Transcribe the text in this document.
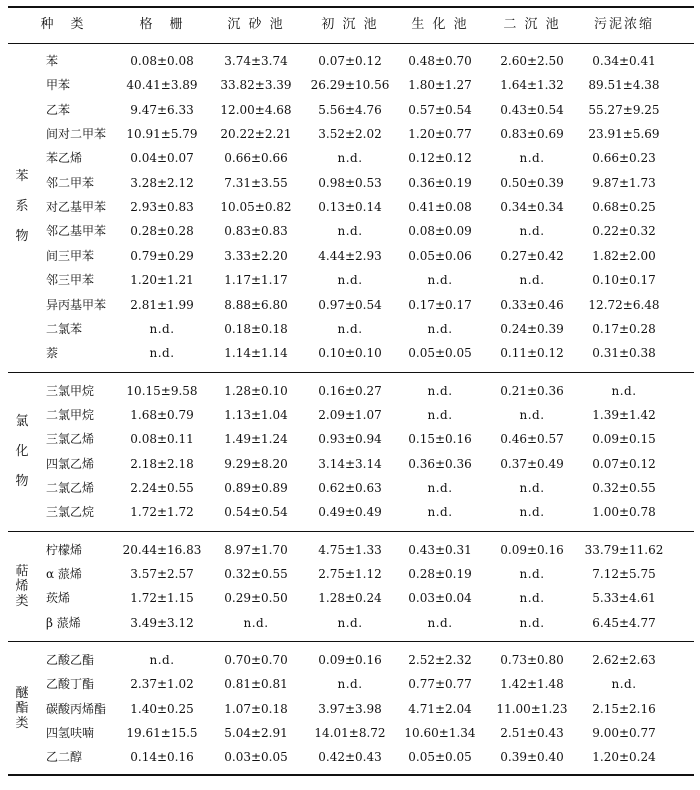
种　类	格　栅	沉 砂 池	初 沉 池	生 化 池	二 沉 池	污泥浓缩
苯	0.08±0.08	3.74±3.74	0.07±0.12	0.48±0.70	2.60±2.50	0.34±0.41
甲苯	40.41±3.89	33.82±3.39	26.29±10.56	1.80±1.27	1.64±1.32	89.51±4.38
乙苯	9.47±6.33	12.00±4.68	5.56±4.76	0.57±0.54	0.43±0.54	55.27±9.25
间对二甲苯	10.91±5.79	20.22±2.21	3.52±2.02	1.20±0.77	0.83±0.69	23.91±5.69
苯乙烯	0.04±0.07	0.66±0.66	n.d.	0.12±0.12	n.d.	0.66±0.23
邻二甲苯	3.28±2.12	7.31±3.55	0.98±0.53	0.36±0.19	0.50±0.39	9.87±1.73
对乙基甲苯	2.93±0.83	10.05±0.82	0.13±0.14	0.41±0.08	0.34±0.34	0.68±0.25
邻乙基甲苯	0.28±0.28	0.83±0.83	n.d.	0.08±0.09	n.d.	0.22±0.32
间三甲苯	0.79±0.29	3.33±2.20	4.44±2.93	0.05±0.06	0.27±0.42	1.82±2.00
邻三甲苯	1.20±1.21	1.17±1.17	n.d.	n.d.	n.d.	0.10±0.17
异丙基甲苯	2.81±1.99	8.88±6.80	0.97±0.54	0.17±0.17	0.33±0.46	12.72±6.48
二氯苯	n.d.	0.18±0.18	n.d.	n.d.	0.24±0.39	0.17±0.28
萘	n.d.	1.14±1.14	0.10±0.10	0.05±0.05	0.11±0.12	0.31±0.38
苯
系
物
三氯甲烷	10.15±9.58	1.28±0.10	0.16±0.27	n.d.	0.21±0.36	n.d.
二氯甲烷	1.68±0.79	1.13±1.04	2.09±1.07	n.d.	n.d.	1.39±1.42
三氯乙烯	0.08±0.11	1.49±1.24	0.93±0.94	0.15±0.16	0.46±0.57	0.09±0.15
四氯乙烯	2.18±2.18	9.29±8.20	3.14±3.14	0.36±0.36	0.37±0.49	0.07±0.12
二氯乙烯	2.24±0.55	0.89±0.89	0.62±0.63	n.d.	n.d.	0.32±0.55
三氯乙烷	1.72±1.72	0.54±0.54	0.49±0.49	n.d.	n.d.	1.00±0.78
氯
化
物
柠檬烯	20.44±16.83	8.97±1.70	4.75±1.33	0.43±0.31	0.09±0.16	33.79±11.62
α 蒎烯	3.57±2.57	0.32±0.55	2.75±1.12	0.28±0.19	n.d.	7.12±5.75
莰烯	1.72±1.15	0.29±0.50	1.28±0.24	0.03±0.04	n.d.	5.33±4.61
β 蒎烯	3.49±3.12	n.d.	n.d.	n.d.	n.d.	6.45±4.77
萜
烯
类
乙酸乙酯	n.d.	0.70±0.70	0.09±0.16	2.52±2.32	0.73±0.80	2.62±2.63
乙酸丁酯	2.37±1.02	0.81±0.81	n.d.	0.77±0.77	1.42±1.48	n.d.
碳酸丙烯酯	1.40±0.25	1.07±0.18	3.97±3.98	4.71±2.04	11.00±1.23	2.15±2.16
四氢呋喃	19.61±15.5	5.04±2.91	14.01±8.72	10.60±1.34	2.51±0.43	9.00±0.77
乙二醇	0.14±0.16	0.03±0.05	0.42±0.43	0.05±0.05	0.39±0.40	1.20±0.24
醚
酯
类
